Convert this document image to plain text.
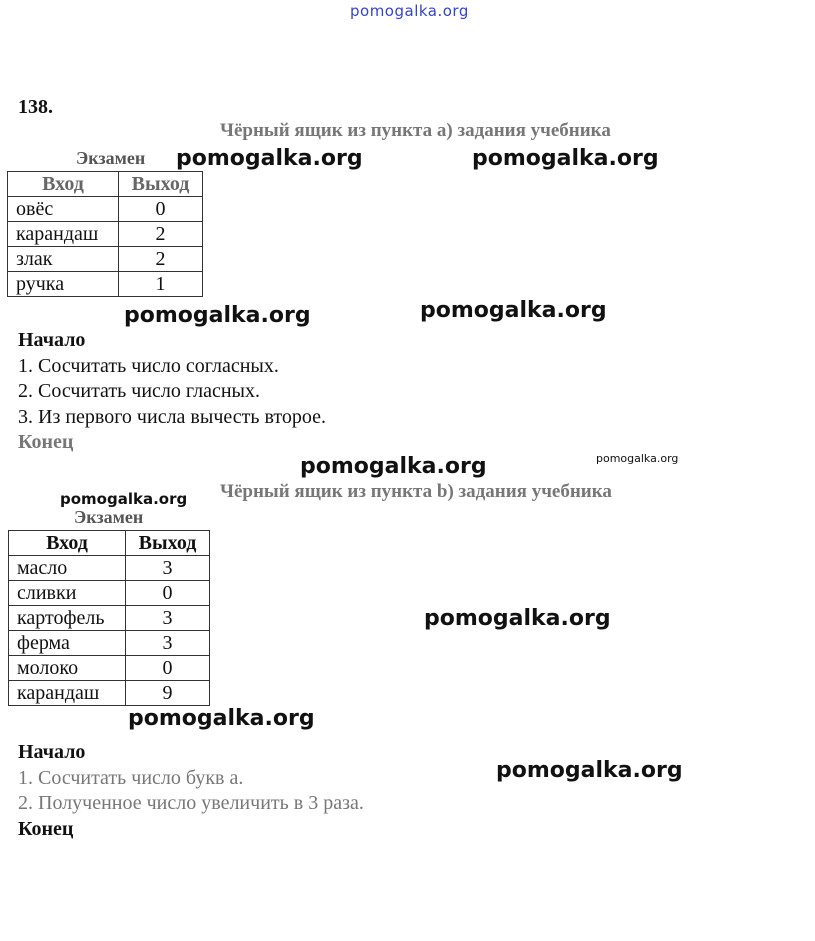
pomogalka.org
138.
Чёрный ящик из пункта а) задания учебника
Экзамен
Вход	Выход
овёс	0
карандаш	2
злак	2
ручка	1
Начало
1. Сосчитать число согласных.
2. Сосчитать число гласных.
3. Из первого числа вычесть второе.
Конец
Чёрный ящик из пункта b) задания учебника
Экзамен
Вход	Выход
масло	3
сливки	0
картофель	3
ферма	3
молоко	0
карандаш	9
Начало
1. Сосчитать число букв а.
2. Полученное число увеличить в 3 раза.
Конец
pomogalka.org	pomogalka.org
pomogalka.org	pomogalka.org
pomogalka.org	pomogalka.org
pomogalka.org
pomogalka.org
pomogalka.org
pomogalka.org
